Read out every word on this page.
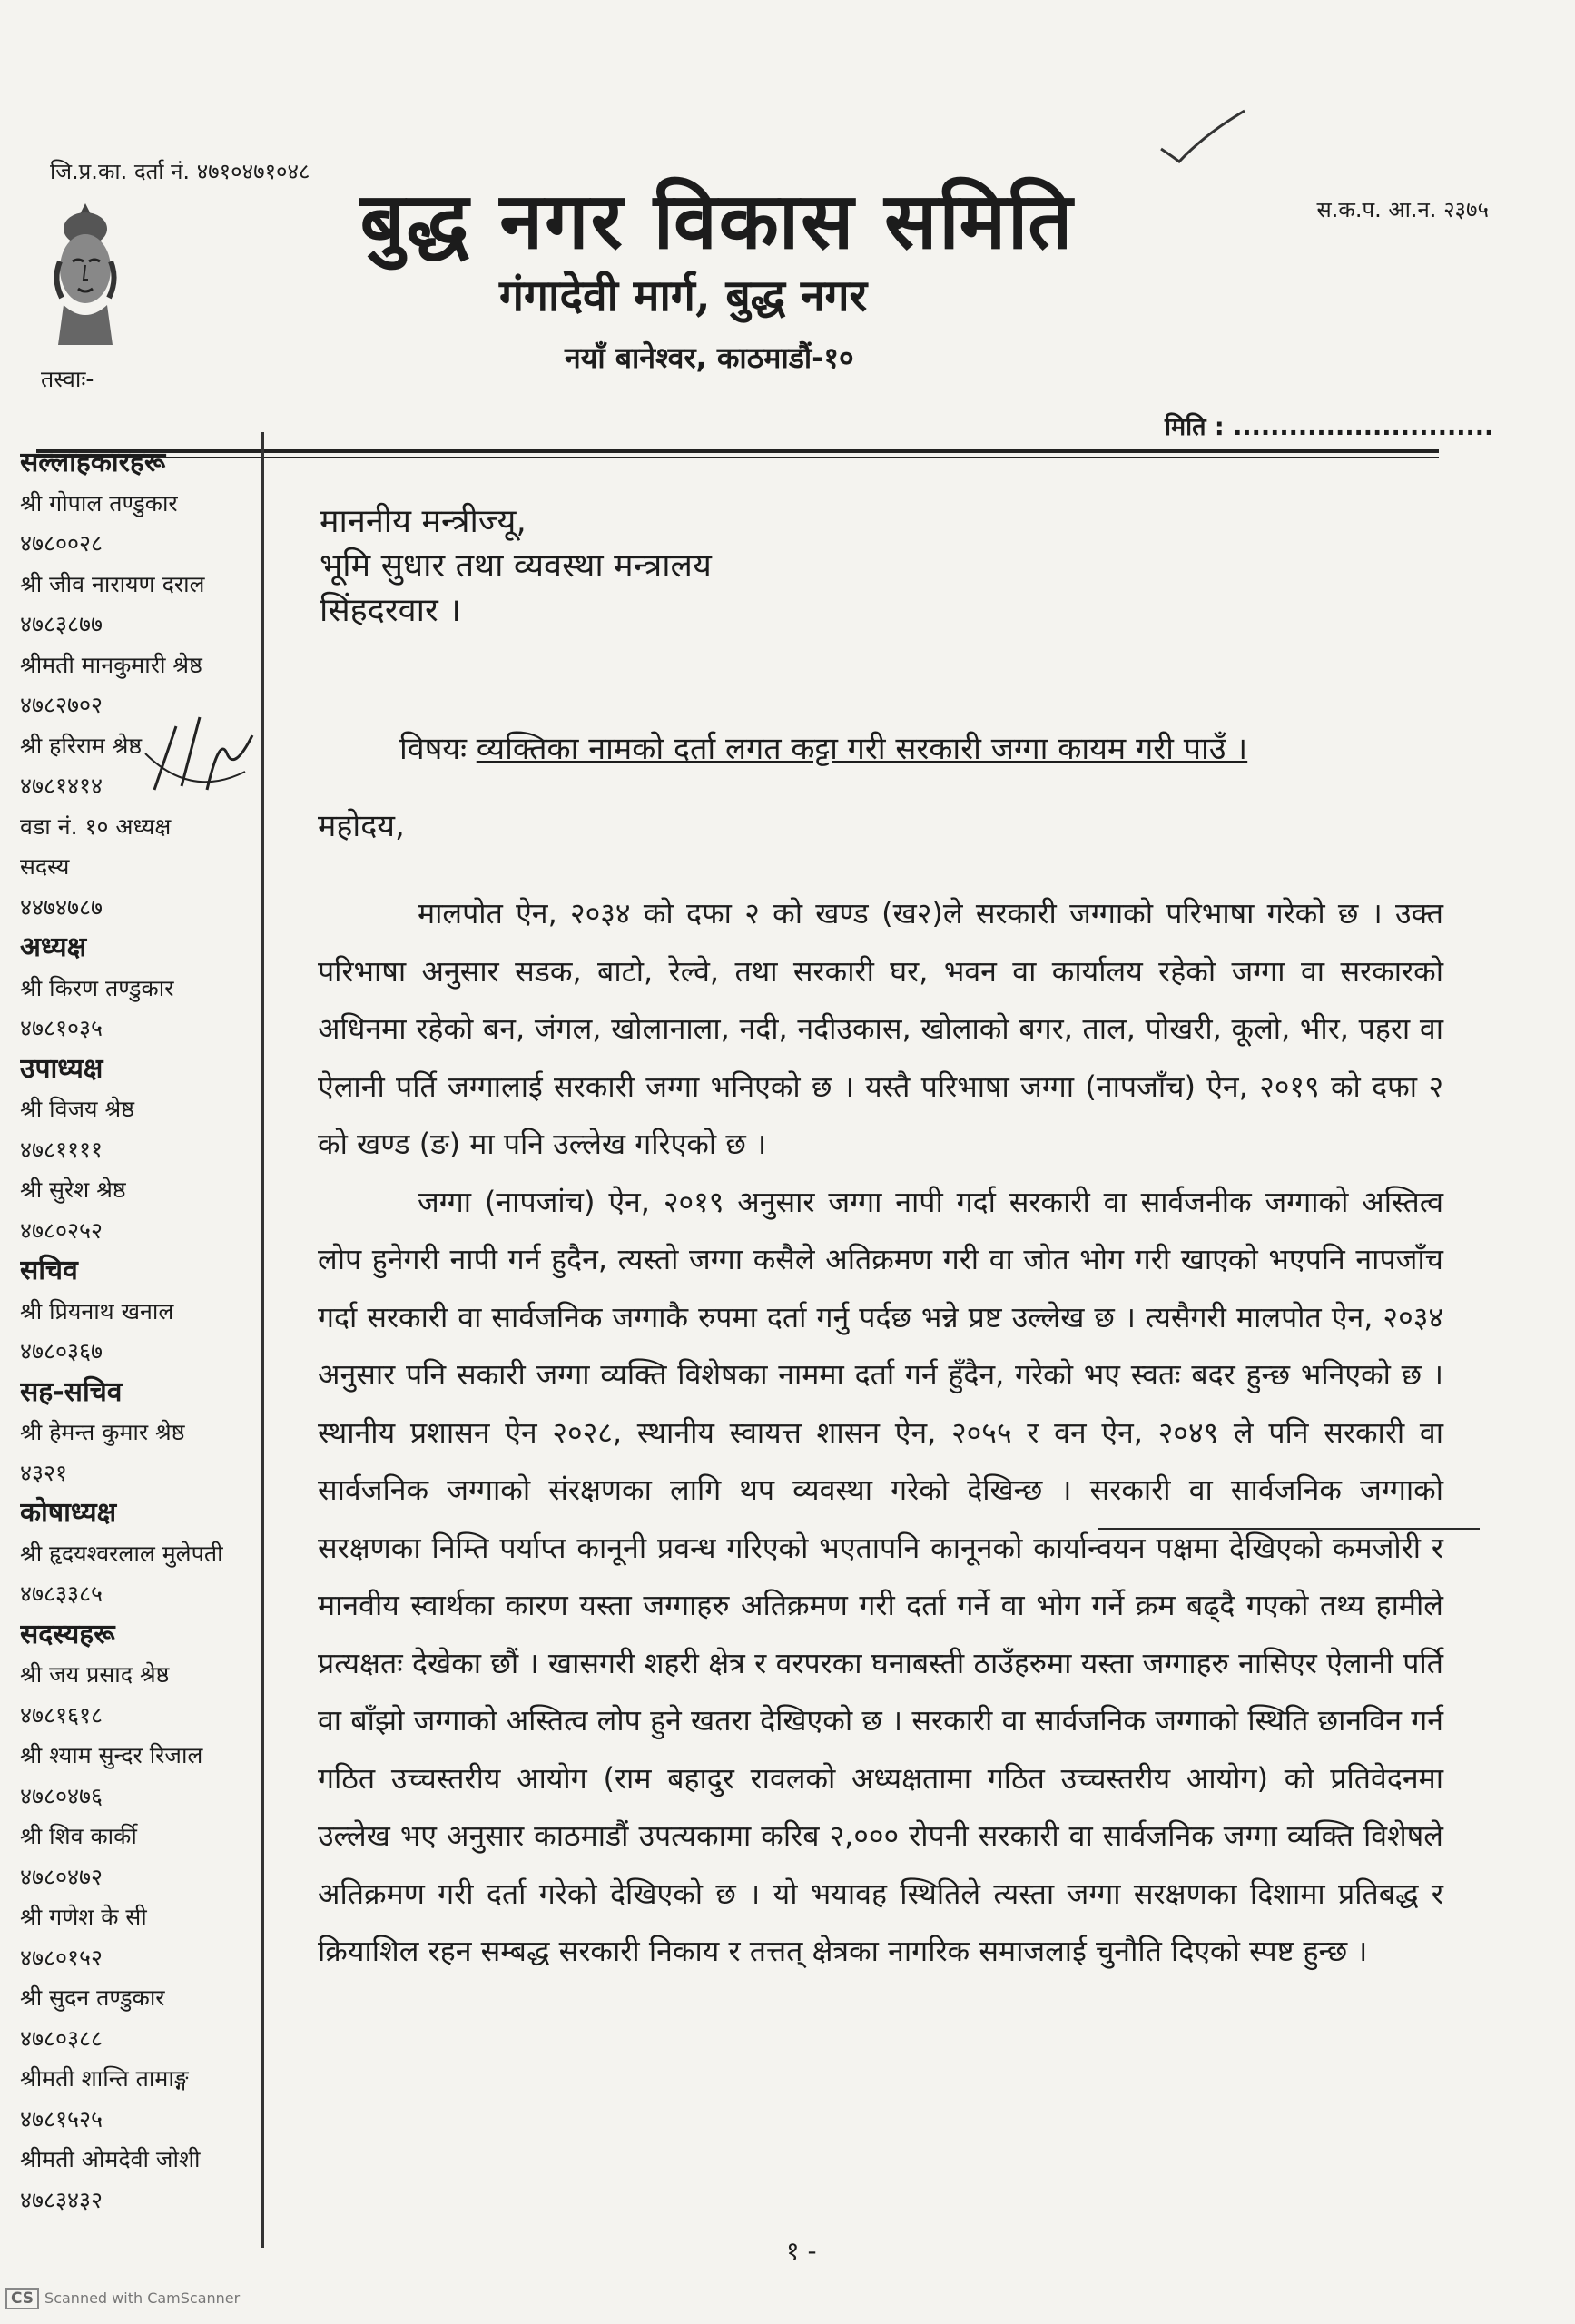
जि.प्र.का. दर्ता नं. ४७१०४७१०४८
स.क.प. आ.न. २३७५
तस्वाः-
बुद्ध नगर विकास समिति
गंगादेवी मार्ग, बुद्ध नगर
नयाँ बानेश्वर, काठमाडौं-१०
मिति : ............................
सल्लाहकारहरू
श्री गोपाल तण्डुकार
४७८००२८
श्री जीव नारायण दराल
४७८३८७७
श्रीमती मानकुमारी श्रेष्ठ
४७८२७०२
श्री हरिराम श्रेष्ठ
४७८१४१४
वडा नं. १० अध्यक्ष
सदस्य
४४७४७८७
अध्यक्ष
श्री किरण तण्डुकार
४७८१०३५
उपाध्यक्ष
श्री विजय श्रेष्ठ
४७८११११
श्री सुरेश श्रेष्ठ
४७८०२५२
सचिव
श्री प्रियनाथ खनाल
४७८०३६७
सह-सचिव
श्री हेमन्त कुमार श्रेष्ठ
४३२१
कोषाध्यक्ष
श्री हृदयश्वरलाल मुलेपती
४७८३३८५
सदस्यहरू
श्री जय प्रसाद श्रेष्ठ
४७८१६१८
श्री श्याम सुन्दर रिजाल
४७८०४७६
श्री शिव कार्की
४७८०४७२
श्री गणेश के सी
४७८०१५२
श्री सुदन तण्डुकार
४७८०३८८
श्रीमती शान्ति तामाङ्ग
४७८१५२५
श्रीमती ओमदेवी जोशी
४७८३४३२
माननीय मन्त्रीज्यू,
भूमि सुधार तथा व्यवस्था मन्त्रालय
सिंहदरवार ।
विषयः व्यक्तिका नामको दर्ता लगत कट्टा गरी सरकारी जग्गा कायम गरी पाउँ ।
महोदय,

मालपोत ऐन, २०३४ को दफा २ को खण्ड (ख२)ले सरकारी जग्गाको परिभाषा गरेको छ । उक्त परिभाषा अनुसार सडक, बाटो, रेल्वे, तथा सरकारी घर, भवन वा कार्यालय रहेको जग्गा वा सरकारको अधिनमा रहेको बन, जंगल, खोलानाला, नदी, नदीउकास, खोलाको बगर, ताल, पोखरी, कूलो, भीर, पहरा वा ऐलानी पर्ति जग्गालाई सरकारी जग्गा भनिएको छ । यस्तै परिभाषा जग्गा (नापजाँच) ऐन, २०१९ को दफा २ को खण्ड (ङ) मा पनि उल्लेख गरिएको छ ।

जग्गा (नापजांच) ऐन, २०१९ अनुसार जग्गा नापी गर्दा सरकारी वा सार्वजनीक जग्गाको अस्तित्व लोप हुनेगरी नापी गर्न हुदैन, त्यस्तो जग्गा कसैले अतिक्रमण गरी वा जोत भोग गरी खाएको भएपनि नापजाँच गर्दा सरकारी वा सार्वजनिक जग्गाकै रुपमा दर्ता गर्नु पर्दछ भन्ने प्रष्ट उल्लेख छ । त्यसैगरी मालपोत ऐन, २०३४ अनुसार पनि सकारी जग्गा व्यक्ति विशेषका नाममा दर्ता गर्न हुँदैन, गरेको भए स्वतः बदर हुन्छ भनिएको छ । स्थानीय प्रशासन ऐन २०२८, स्थानीय स्वायत्त शासन ऐन, २०५५ र वन ऐन, २०४९ ले पनि सरकारी वा सार्वजनिक जग्गाको संरक्षणका लागि थप व्यवस्था गरेको देखिन्छ । सरकारी वा सार्वजनिक जग्गाको सरक्षणका निम्ति पर्याप्त कानूनी प्रवन्ध गरिएको भएतापनि कानूनको कार्यान्वयन पक्षमा देखिएको कमजोरी र मानवीय स्वार्थका कारण यस्ता जग्गाहरु अतिक्रमण गरी दर्ता गर्ने वा भोग गर्ने क्रम बढ्दै गएको तथ्य हामीले प्रत्यक्षतः देखेका छौं । खासगरी शहरी क्षेत्र र वरपरका घनाबस्ती ठाउँहरुमा यस्ता जग्गाहरु नासिएर ऐलानी पर्ति वा बाँझो जग्गाको अस्तित्व लोप हुने खतरा देखिएको छ । सरकारी वा सार्वजनिक जग्गाको स्थिति छानविन गर्न गठित उच्चस्तरीय आयोग (राम बहादुर रावलको अध्यक्षतामा गठित उच्चस्तरीय आयोग) को प्रतिवेदनमा उल्लेख भए अनुसार काठमाडौं उपत्यकामा करिब २,००० रोपनी सरकारी वा सार्वजनिक जग्गा व्यक्ति विशेषले अतिक्रमण गरी दर्ता गरेको देखिएको छ । यो भयावह स्थितिले त्यस्ता जग्गा सरक्षणका दिशामा प्रतिबद्ध र क्रियाशिल रहन सम्बद्ध सरकारी निकाय र तत्तत् क्षेत्रका नागरिक समाजलाई चुनौति दिएको स्पष्ट हुन्छ ।

१ -
CS Scanned with CamScanner
